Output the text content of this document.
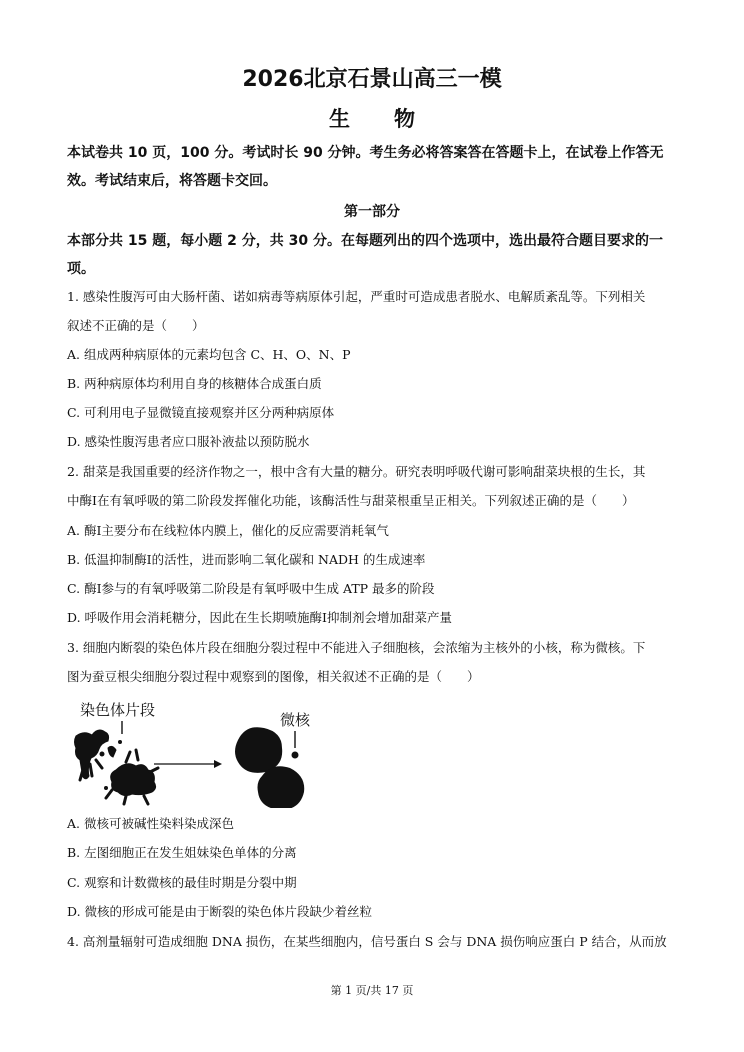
2026北京石景山高三一模
生物
本试卷共 10 页，100 分。考试时长 90 分钟。考生务必将答案答在答题卡上，在试卷上作答无
效。考试结束后，将答题卡交回。
第一部分
本部分共 15 题，每小题 2 分，共 30 分。在每题列出的四个选项中，选出最符合题目要求的一
项。
1. 感染性腹泻可由大肠杆菌、诺如病毒等病原体引起，严重时可造成患者脱水、电解质紊乱等。下列相关
叙述不正确的是（　　）
A. 组成两种病原体的元素均包含 C、H、O、N、P
B. 两种病原体均利用自身的核糖体合成蛋白质
C. 可利用电子显微镜直接观察并区分两种病原体
D. 感染性腹泻患者应口服补液盐以预防脱水
2. 甜菜是我国重要的经济作物之一，根中含有大量的糖分。研究表明呼吸代谢可影响甜菜块根的生长，其
中酶Ⅰ在有氧呼吸的第二阶段发挥催化功能，该酶活性与甜菜根重呈正相关。下列叙述正确的是（　　）
A. 酶Ⅰ主要分布在线粒体内膜上，催化的反应需要消耗氧气
B. 低温抑制酶Ⅰ的活性，进而影响二氧化碳和 NADH 的生成速率
C. 酶Ⅰ参与的有氧呼吸第二阶段是有氧呼吸中生成 ATP 最多的阶段
D. 呼吸作用会消耗糖分，因此在生长期喷施酶Ⅰ抑制剂会增加甜菜产量
3. 细胞内断裂的染色体片段在细胞分裂过程中不能进入子细胞核，会浓缩为主核外的小核，称为微核。下
图为蚕豆根尖细胞分裂过程中观察到的图像，相关叙述不正确的是（　　）
染色体片段
微核
A. 微核可被碱性染料染成深色
B. 左图细胞正在发生姐妹染色单体的分离
C. 观察和计数微核的最佳时期是分裂中期
D. 微核的形成可能是由于断裂的染色体片段缺少着丝粒
4. 高剂量辐射可造成细胞 DNA 损伤，在某些细胞内，信号蛋白 S 会与 DNA 损伤响应蛋白 P 结合，从而放
第 1 页/共 17 页
